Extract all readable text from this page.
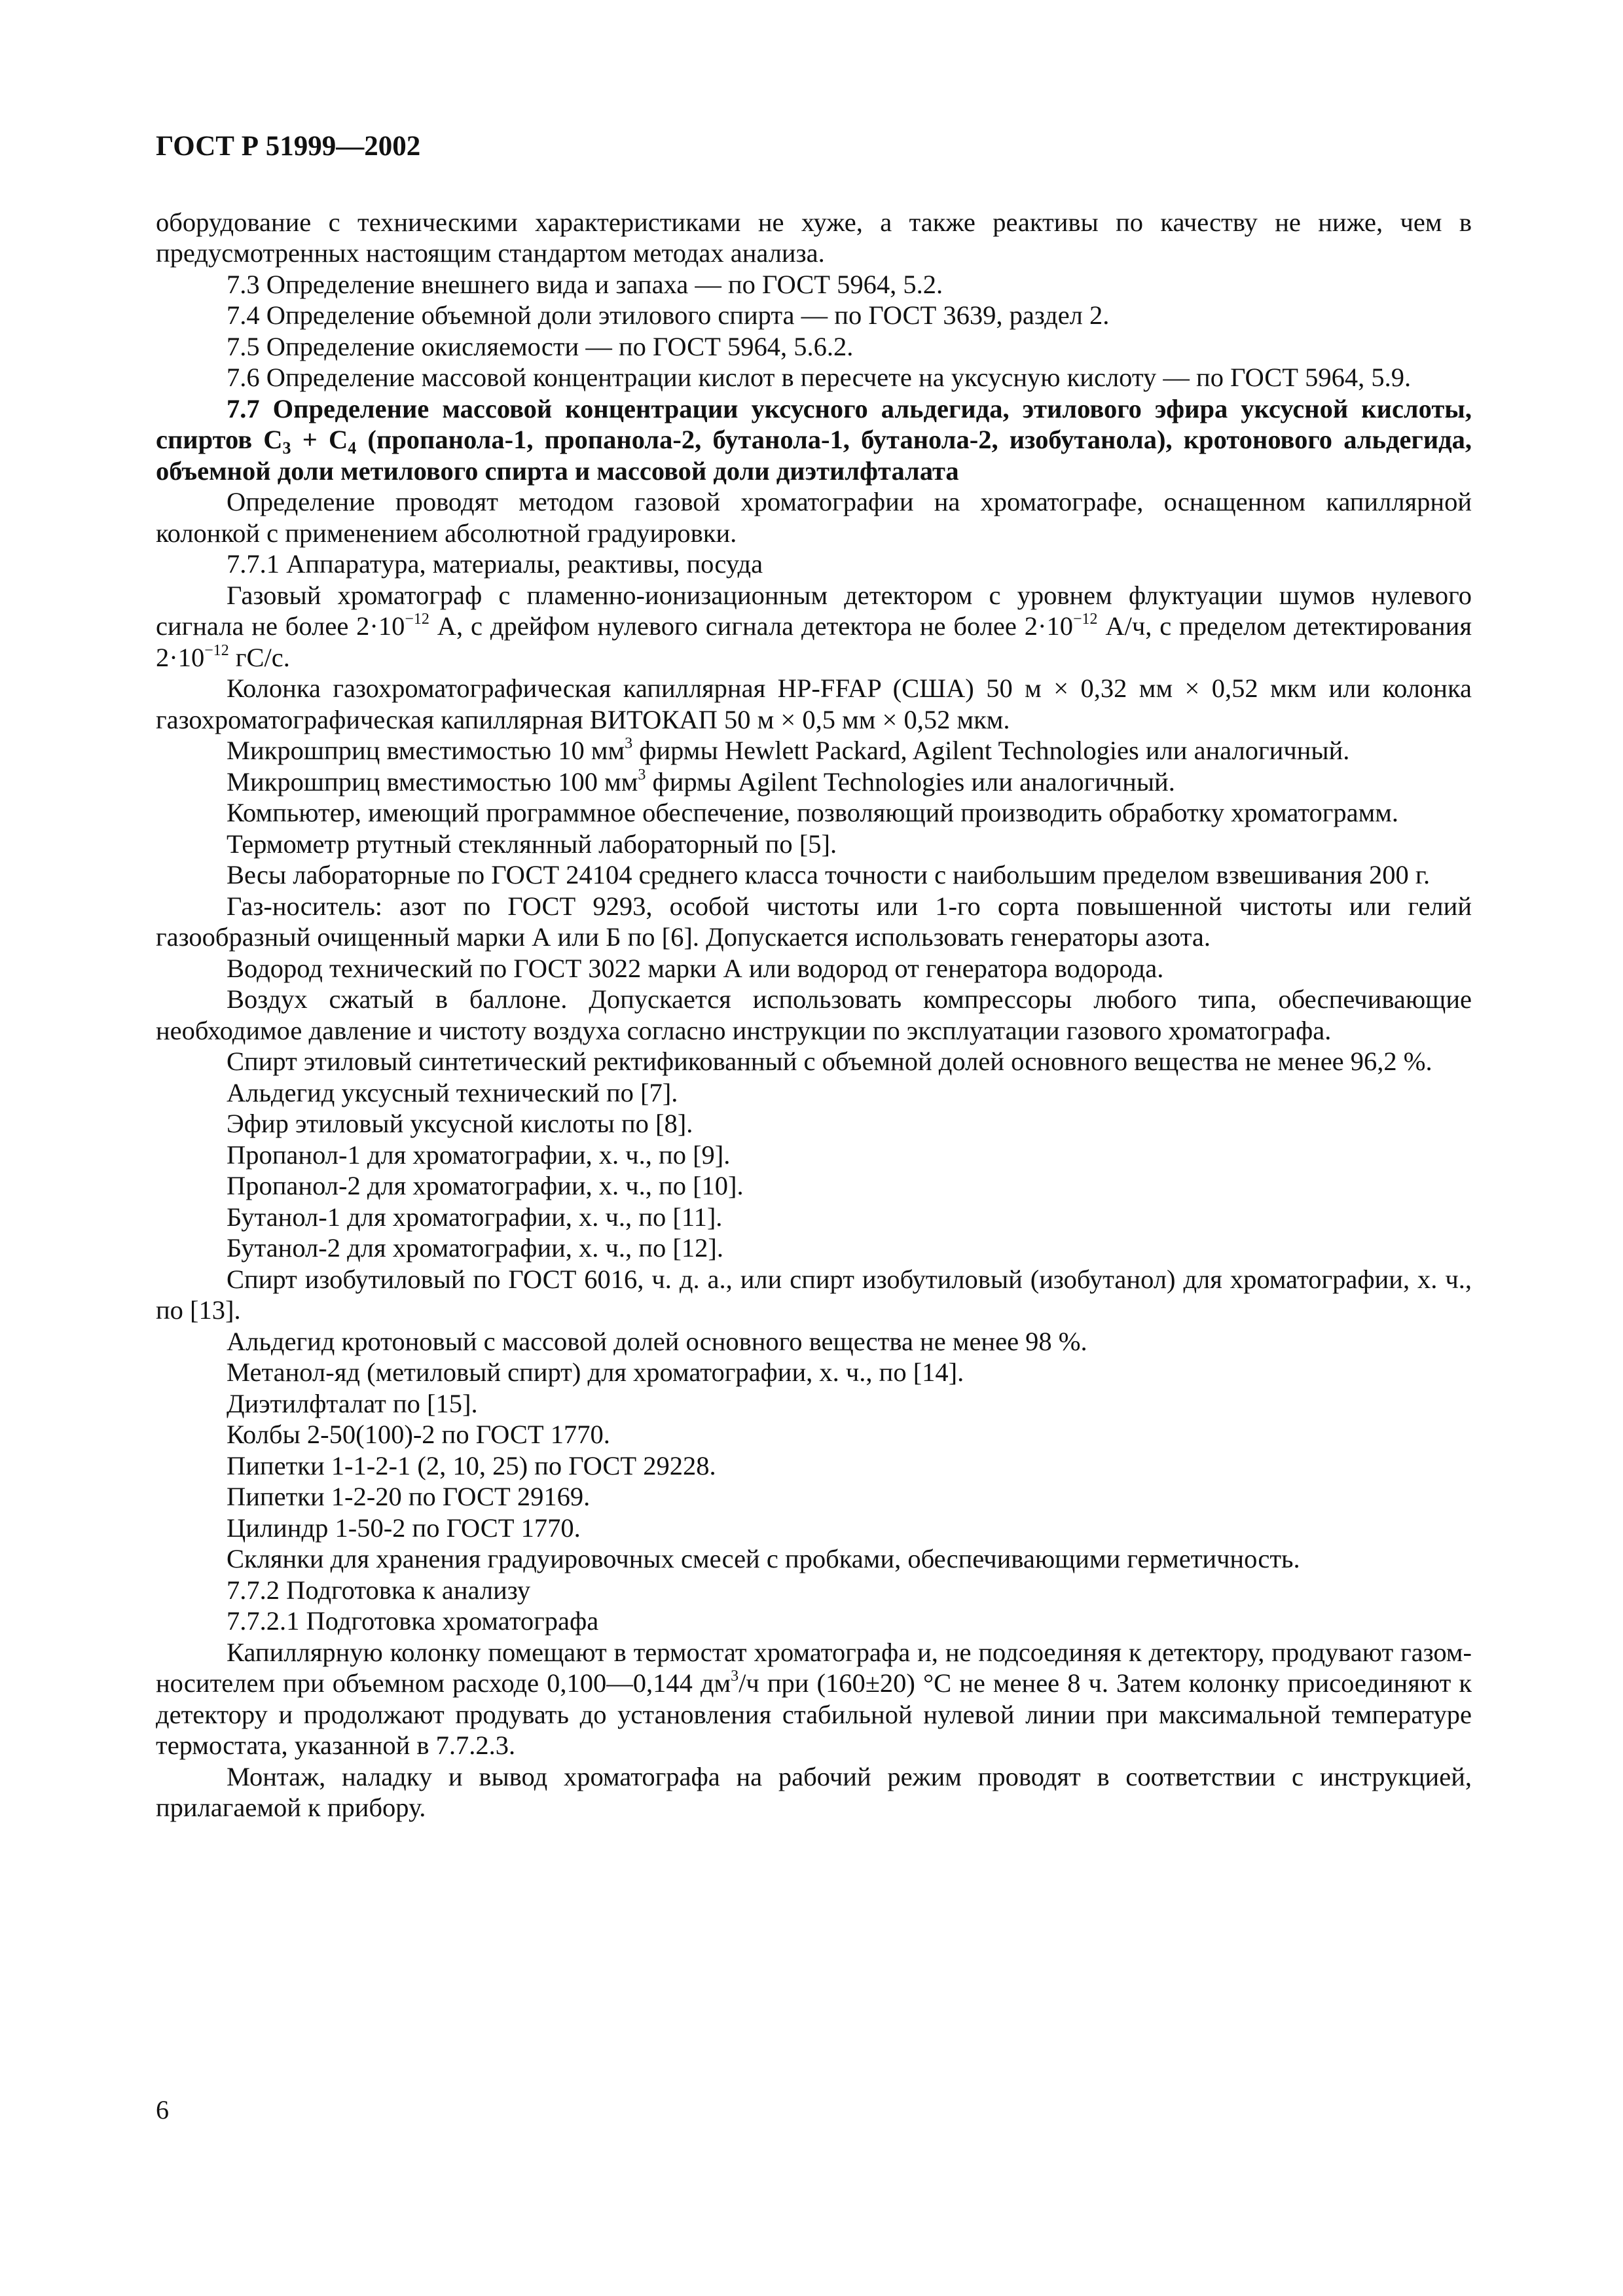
ГОСТ Р 51999—2002

оборудование с техническими характеристиками не хуже, а также реактивы по качеству не ниже, чем в предусмотренных настоящим стандартом методах анализа.

7.3 Определение внешнего вида и запаха — по ГОСТ 5964, 5.2.

7.4 Определение объемной доли этилового спирта — по ГОСТ 3639, раздел 2.

7.5 Определение окисляемости — по ГОСТ 5964, 5.6.2.

7.6 Определение массовой концентрации кислот в пересчете на уксусную кислоту — по ГОСТ 5964, 5.9.

7.7 Определение массовой концентрации уксусного альдегида, этилового эфира уксусной кислоты, спиртов $C_3 + C_4$ (пропанола-1, пропанола-2, бутанола-1, бутанола-2, изобутанола), кротонового альдегида, объемной доли метилового спирта и массовой доли диэтилфталата

Определение проводят методом газовой хроматографии на хроматографе, оснащенном капиллярной колонкой с применением абсолютной градуировки.

7.7.1 Аппаратура, материалы, реактивы, посуда

Газовый хроматограф с пламенно-ионизационным детектором с уровнем флуктуации шумов нулевого сигнала не более $2\cdot 10^{-12}$ А, с дрейфом нулевого сигнала детектора не более $2\cdot 10^{-12}$ А/ч, с пределом детектирования $2\cdot 10^{-12}$ гС/с.

Колонка газохроматографическая капиллярная HP-FFAP (США) 50 м × 0,32 мм × 0,52 мкм или колонка газохроматографическая капиллярная ВИТОКАП 50 м × 0,5 мм × 0,52 мкм.

Микрошприц вместимостью 10 $мм^3$ фирмы Hewlett Packard, Agilent Technologies или аналогичный.

Микрошприц вместимостью 100 $мм^3$ фирмы Agilent Technologies или аналогичный.

Компьютер, имеющий программное обеспечение, позволяющий производить обработку хроматограмм.

Термометр ртутный стеклянный лабораторный по [5].

Весы лабораторные по ГОСТ 24104 среднего класса точности с наибольшим пределом взвешивания 200 г.

Газ-носитель: азот по ГОСТ 9293, особой чистоты или 1-го сорта повышенной чистоты или гелий газообразный очищенный марки А или Б по [6]. Допускается использовать генераторы азота.

Водород технический по ГОСТ 3022 марки А или водород от генератора водорода.

Воздух сжатый в баллоне. Допускается использовать компрессоры любого типа, обеспечивающие необходимое давление и чистоту воздуха согласно инструкции по эксплуатации газового хроматографа.

Спирт этиловый синтетический ректификованный с объемной долей основного вещества не менее 96,2 %.

Альдегид уксусный технический по [7].

Эфир этиловый уксусной кислоты по [8].

Пропанол-1 для хроматографии, х. ч., по [9].

Пропанол-2 для хроматографии, х. ч., по [10].

Бутанол-1 для хроматографии, х. ч., по [11].

Бутанол-2 для хроматографии, х. ч., по [12].

Спирт изобутиловый по ГОСТ 6016, ч. д. а., или спирт изобутиловый (изобутанол) для хроматографии, х. ч., по [13].

Альдегид кротоновый с массовой долей основного вещества не менее 98 %.

Метанол-яд (метиловый спирт) для хроматографии, х. ч., по [14].

Диэтилфталат по [15].

Колбы 2-50(100)-2 по ГОСТ 1770.

Пипетки 1-1-2-1 (2, 10, 25) по ГОСТ 29228.

Пипетки 1-2-20 по ГОСТ 29169.

Цилиндр 1-50-2 по ГОСТ 1770.

Склянки для хранения градуировочных смесей с пробками, обеспечивающими герметичность.

7.7.2 Подготовка к анализу

7.7.2.1 Подготовка хроматографа

Капиллярную колонку помещают в термостат хроматографа и, не подсоединяя к детектору, продувают газом-носителем при объемном расходе 0,100—0,144 $дм^3/ч$ при (160±20) °С не менее 8 ч. Затем колонку присоединяют к детектору и продолжают продувать до установления стабильной нулевой линии при максимальной температуре термостата, указанной в 7.7.2.3.

Монтаж, наладку и вывод хроматографа на рабочий режим проводят в соответствии с инструкцией, прилагаемой к прибору.

6
